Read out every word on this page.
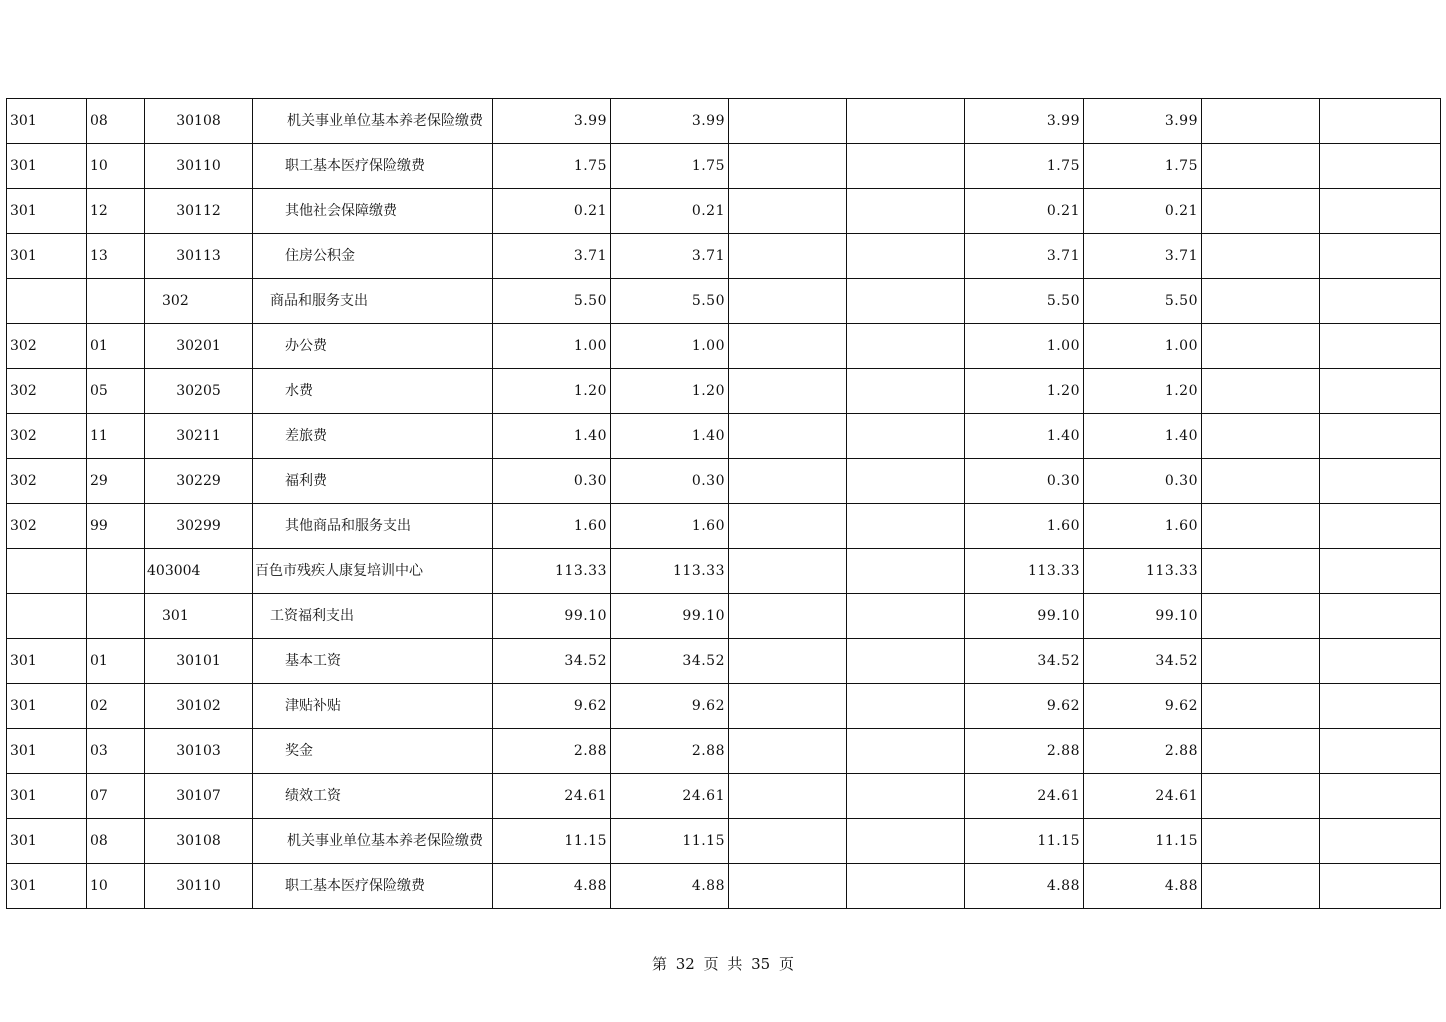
301	08	30108	机关事业单位基本养老保险缴费	3.99	3.99			3.99	3.99		
301	10	30110	职工基本医疗保险缴费	1.75	1.75			1.75	1.75		
301	12	30112	其他社会保障缴费	0.21	0.21			0.21	0.21		
301	13	30113	住房公积金	3.71	3.71			3.71	3.71		
		302	商品和服务支出	5.50	5.50			5.50	5.50		
302	01	30201	办公费	1.00	1.00			1.00	1.00		
302	05	30205	水费	1.20	1.20			1.20	1.20		
302	11	30211	差旅费	1.40	1.40			1.40	1.40		
302	29	30229	福利费	0.30	0.30			0.30	0.30		
302	99	30299	其他商品和服务支出	1.60	1.60			1.60	1.60		
		403004	百色市残疾人康复培训中心	113.33	113.33			113.33	113.33		
		301	工资福利支出	99.10	99.10			99.10	99.10		
301	01	30101	基本工资	34.52	34.52			34.52	34.52		
301	02	30102	津贴补贴	9.62	9.62			9.62	9.62		
301	03	30103	奖金	2.88	2.88			2.88	2.88		
301	07	30107	绩效工资	24.61	24.61			24.61	24.61		
301	08	30108	机关事业单位基本养老保险缴费	11.15	11.15			11.15	11.15		
301	10	30110	职工基本医疗保险缴费	4.88	4.88			4.88	4.88		
第 32 页 共 35 页
